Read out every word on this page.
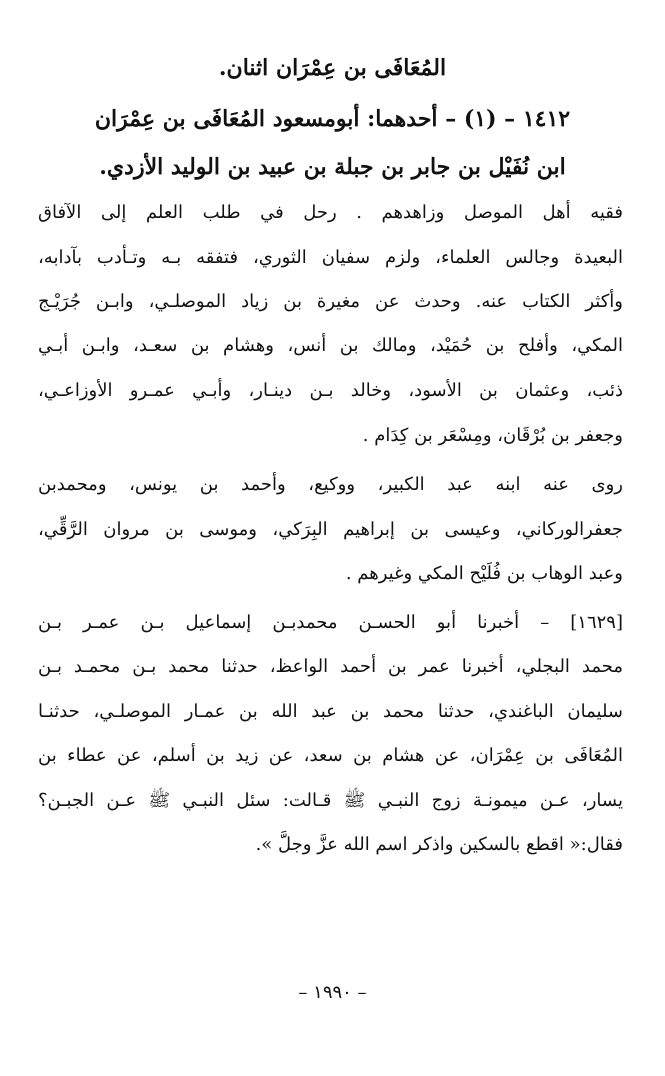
المُعَافَى بن عِمْرَان اثنان.
١٤١٢ – (١) – أحدهما: أبومسعود المُعَافَى بن عِمْرَان
ابن نُفَيْل بن جابر بن جبلة بن عبيد بن الوليد الأزدي.
فقيه أهل الموصل وزاهدهم . رحل في طلب العلم إلى الآفاق
البعيدة وجالس العلماء، ولزم سفيان الثوري، فتفقه بـه وتـأدب بآدابه،
وأكثر الكتاب عنه. وحدث عن مغيرة بن زياد الموصلـي، وابـن جُرَيْـج
المكي، وأفلح بن حُمَيْد، ومالك بن أنس، وهشام بن سعـد، وابـن أبـي
ذئب، وعثمان بن الأسود، وخالد بـن دينـار، وأبـي عمـرو الأوزاعـي،
وجعفر بن بُرْقَان، ومِسْعَر بن كِدَام .
روى عنه ابنه عبد الكبير، ووكيع، وأحمد بن يونس، ومحمدبن
جعفرالوركاني، وعيسى بن إبراهيم البِرَكي، وموسى بن مروان الرَّقِّي،
وعبد الوهاب بن فُلَيْح المكي وغيرهم .
[١٦٢٩] – أخبرنا أبو الحسـن محمدبـن إسماعيل بـن عمـر بـن
محمد البجلي، أخبرنا عمر بن أحمد الواعظ، حدثنا محمد بـن محمـد بـن
سليمان الباغندي، حدثنا محمد بن عبد الله بن عمـار الموصلـي، حدثنـا
المُعَافَى بن عِمْرَان، عن هشام بن سعد، عن زيد بن أسلم، عن عطاء بن
يسار، عـن ميمونـة زوج النبـي ﷺ قـالت: سئل النبـي ﷺ عـن الجبـن؟
فقال:« اقطع بالسكين واذكر اسم الله عزَّ وجلَّ ».
– ١٩٩٠ –
